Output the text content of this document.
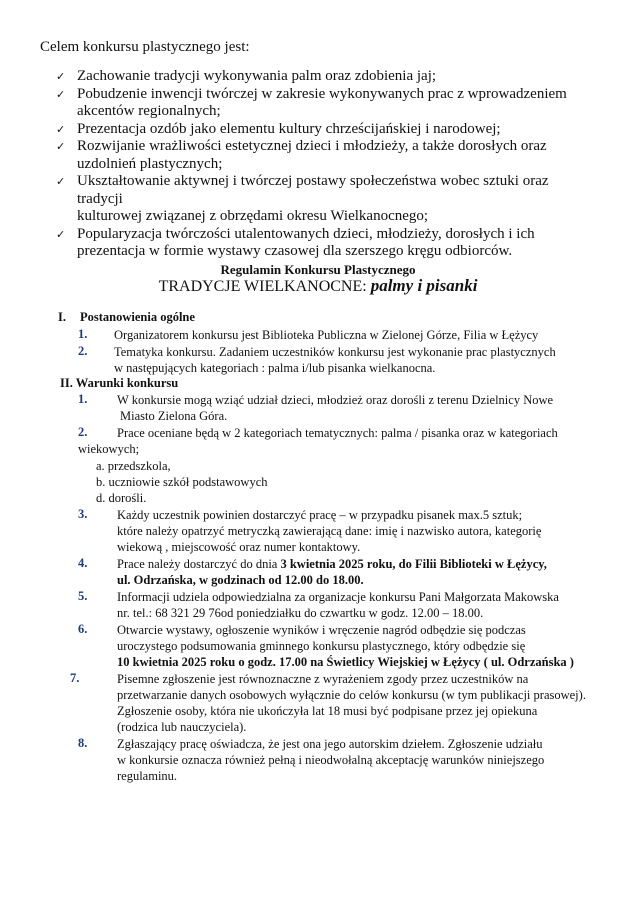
Celem konkursu plastycznego jest:
✓ Zachowanie tradycji wykonywania palm oraz zdobienia jaj;
✓ Pobudzenie inwencji twórczej w zakresie wykonywanych prac z wprowadzeniem
akcentów regionalnych;
✓ Prezentacja ozdób jako elementu kultury chrześcijańskiej i narodowej;
✓ Rozwijanie wrażliwości estetycznej dzieci i młodzieży, a także dorosłych oraz
uzdolnień plastycznych;
✓ Ukształtowanie aktywnej i twórczej postawy społeczeństwa wobec sztuki oraz tradycji
kulturowej związanej z obrzędami okresu Wielkanocnego;
✓ Popularyzacja twórczości utalentowanych dzieci, młodzieży, dorosłych i ich
prezentacja w formie wystawy czasowej dla szerszego kręgu odbiorców.
Regulamin Konkursu Plastycznego
TRADYCJE WIELKANOCNE: palmy i pisanki
I. Postanowienia ogólne
1.	Organizatorem konkursu jest Biblioteka Publiczna w Zielonej Górze, Filia w Łężycy
2.	Tematyka konkursu. Zadaniem uczestników konkursu jest wykonanie prac plastycznych
w następujących kategoriach : palma i/lub pisanka wielkanocna.
II. Warunki konkursu
1.	W konkursie mogą wziąć udział dzieci, młodzież oraz dorośli z terenu Dzielnicy Nowe
Miasto Zielona Góra.
2.	Prace oceniane będą w 2 kategoriach tematycznych: palma / pisanka oraz w kategoriach
wiekowych;
a. przedszkola,
b. uczniowie szkół podstawowych
d. dorośli.
3.	Każdy uczestnik powinien dostarczyć pracę – w przypadku pisanek max.5 sztuk;
które należy opatrzyć metryczką zawierającą dane: imię i nazwisko autora, kategorię
wiekową , miejscowość oraz numer kontaktowy.
4.	Prace należy dostarczyć do dnia 3 kwietnia 2025 roku, do Filii Biblioteki w Łężycy,
ul. Odrzańska, w godzinach od 12.00 do 18.00.
5.	Informacji udziela odpowiedzialna za organizacje konkursu Pani Małgorzata Makowska
nr. tel.: 68 321 29 76od poniedziałku do czwartku w godz. 12.00 – 18.00.
6.	Otwarcie wystawy, ogłoszenie wyników i wręczenie nagród odbędzie się podczas
uroczystego podsumowania gminnego konkursu plastycznego, który odbędzie się
10 kwietnia 2025 roku o godz. 17.00 na Świetlicy Wiejskiej w Łężycy ( ul. Odrzańska )
7.	Pisemne zgłoszenie jest równoznaczne z wyrażeniem zgody przez uczestników na
przetwarzanie danych osobowych wyłącznie do celów konkursu (w tym publikacji prasowej).
Zgłoszenie osoby, która nie ukończyła lat 18 musi być podpisane przez jej opiekuna
(rodzica lub nauczyciela).
8.	Zgłaszający pracę oświadcza, że jest ona jego autorskim dziełem. Zgłoszenie udziału
w konkursie oznacza również pełną i nieodwołalną akceptację warunków niniejszego
regulaminu.
